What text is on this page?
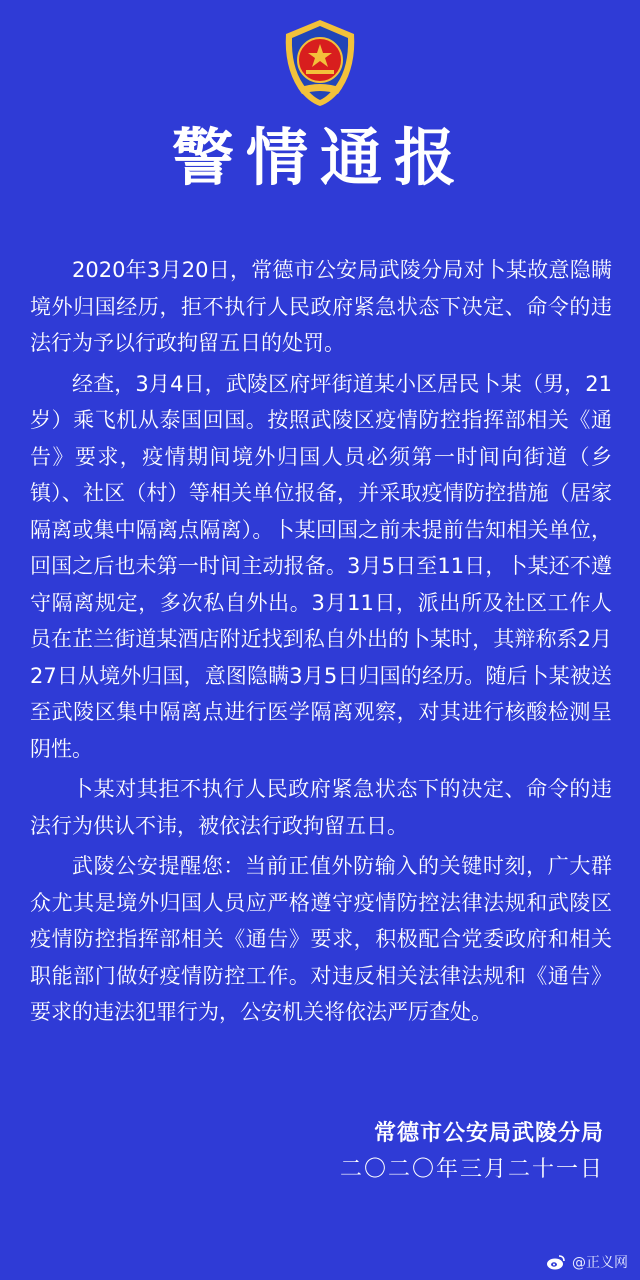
警情通报

2020年3月20日，常德市公安局武陵分局对卜某故意隐瞒境外归国经历，拒不执行人民政府紧急状态下决定、命令的违法行为予以行政拘留五日的处罚。

经查，3月4日，武陵区府坪街道某小区居民卜某（男，21岁）乘飞机从泰国回国。按照武陵区疫情防控指挥部相关《通告》要求，疫情期间境外归国人员必须第一时间向街道（乡镇）、社区（村）等相关单位报备，并采取疫情防控措施（居家隔离或集中隔离点隔离）。卜某回国之前未提前告知相关单位，回国之后也未第一时间主动报备。3月5日至11日，卜某还不遵守隔离规定，多次私自外出。3月11日，派出所及社区工作人员在芷兰街道某酒店附近找到私自外出的卜某时，其辩称系2月27日从境外归国，意图隐瞒3月5日归国的经历。随后卜某被送至武陵区集中隔离点进行医学隔离观察，对其进行核酸检测呈阴性。

卜某对其拒不执行人民政府紧急状态下的决定、命令的违法行为供认不讳，被依法行政拘留五日。

武陵公安提醒您：当前正值外防输入的关键时刻，广大群众尤其是境外归国人员应严格遵守疫情防控法律法规和武陵区疫情防控指挥部相关《通告》要求，积极配合党委政府和相关职能部门做好疫情防控工作。对违反相关法律法规和《通告》要求的违法犯罪行为，公安机关将依法严厉查处。

常德市公安局武陵分局
二〇二〇年三月二十一日
@正义网
